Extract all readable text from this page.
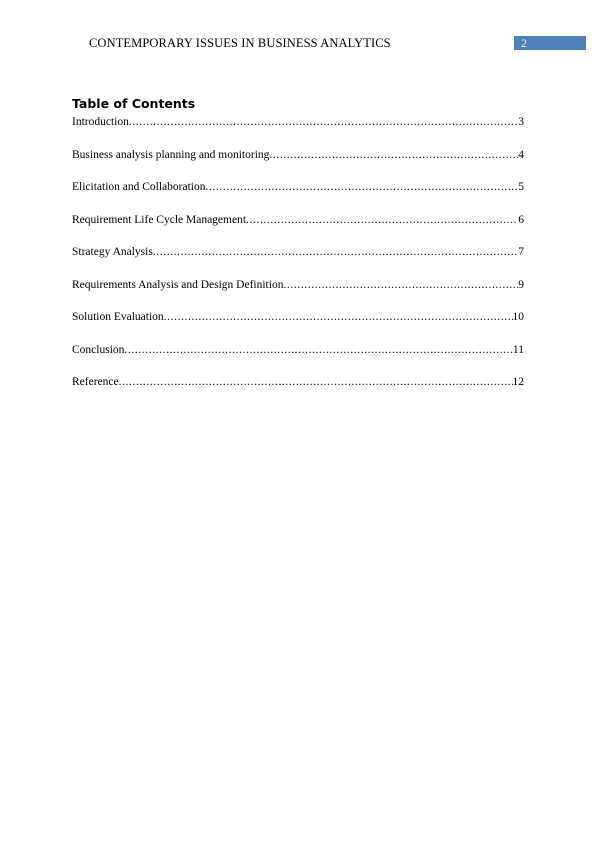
CONTEMPORARY ISSUES IN BUSINESS ANALYTICS	2
Table of Contents
Introduction .....	3
Business analysis planning and monitoring .....	4
Elicitation and Collaboration .....	5
Requirement Life Cycle Management .....	6
Strategy Analysis .....	7
Requirements Analysis and Design Definition .....	9
Solution Evaluation .....	10
Conclusion .....	11
Reference .....	12
